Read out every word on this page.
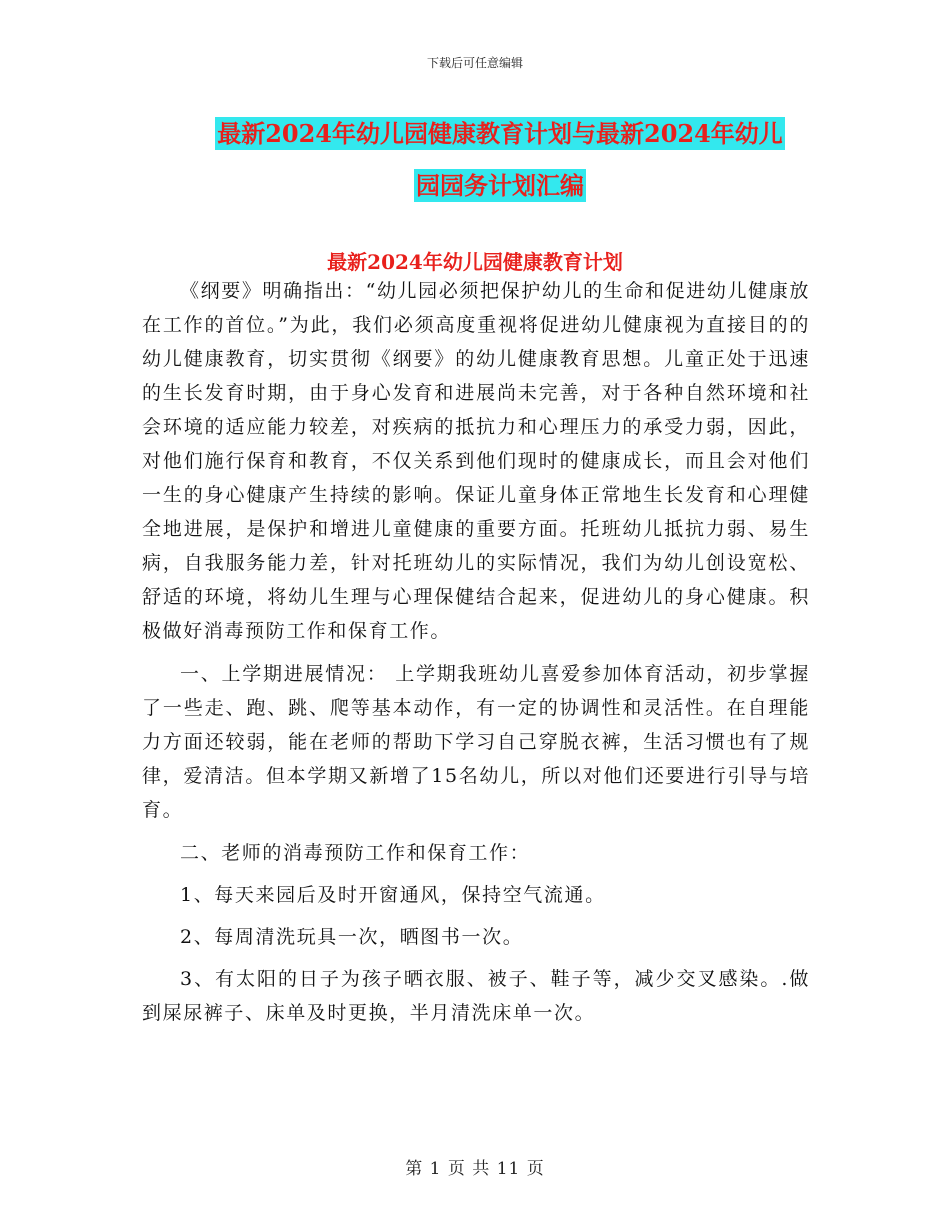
下载后可任意编辑
最新2024年幼儿园健康教育计划与最新2024年幼儿
园园务计划汇编
最新2024年幼儿园健康教育计划

《纲要》明确指出：“幼儿园必须把保护幼儿的生命和促进幼儿健康放在工作的首位。”为此，我们必须高度重视将促进幼儿健康视为直接目的的幼儿健康教育，切实贯彻《纲要》的幼儿健康教育思想。儿童正处于迅速的生长发育时期，由于身心发育和进展尚未完善，对于各种自然环境和社会环境的适应能力较差，对疾病的抵抗力和心理压力的承受力弱，因此，对他们施行保育和教育，不仅关系到他们现时的健康成长，而且会对他们一生的身心健康产生持续的影响。保证儿童身体正常地生长发育和心理健全地进展，是保护和增进儿童健康的重要方面。托班幼儿抵抗力弱、易生病，自我服务能力差，针对托班幼儿的实际情况，我们为幼儿创设宽松、舒适的环境，将幼儿生理与心理保健结合起来，促进幼儿的身心健康。积极做好消毒预防工作和保育工作。

一、上学期进展情况： 上学期我班幼儿喜爱参加体育活动，初步掌握了一些走、跑、跳、爬等基本动作，有一定的协调性和灵活性。在自理能力方面还较弱，能在老师的帮助下学习自己穿脱衣裤，生活习惯也有了规律，爱清洁。但本学期又新增了15名幼儿，所以对他们还要进行引导与培育。

二、老师的消毒预防工作和保育工作：

1、每天来园后及时开窗通风，保持空气流通。

2、每周清洗玩具一次，晒图书一次。

3、有太阳的日子为孩子晒衣服、被子、鞋子等，减少交叉感染。.做到屎尿裤子、床单及时更换，半月清洗床单一次。

第 1 页 共 11 页
